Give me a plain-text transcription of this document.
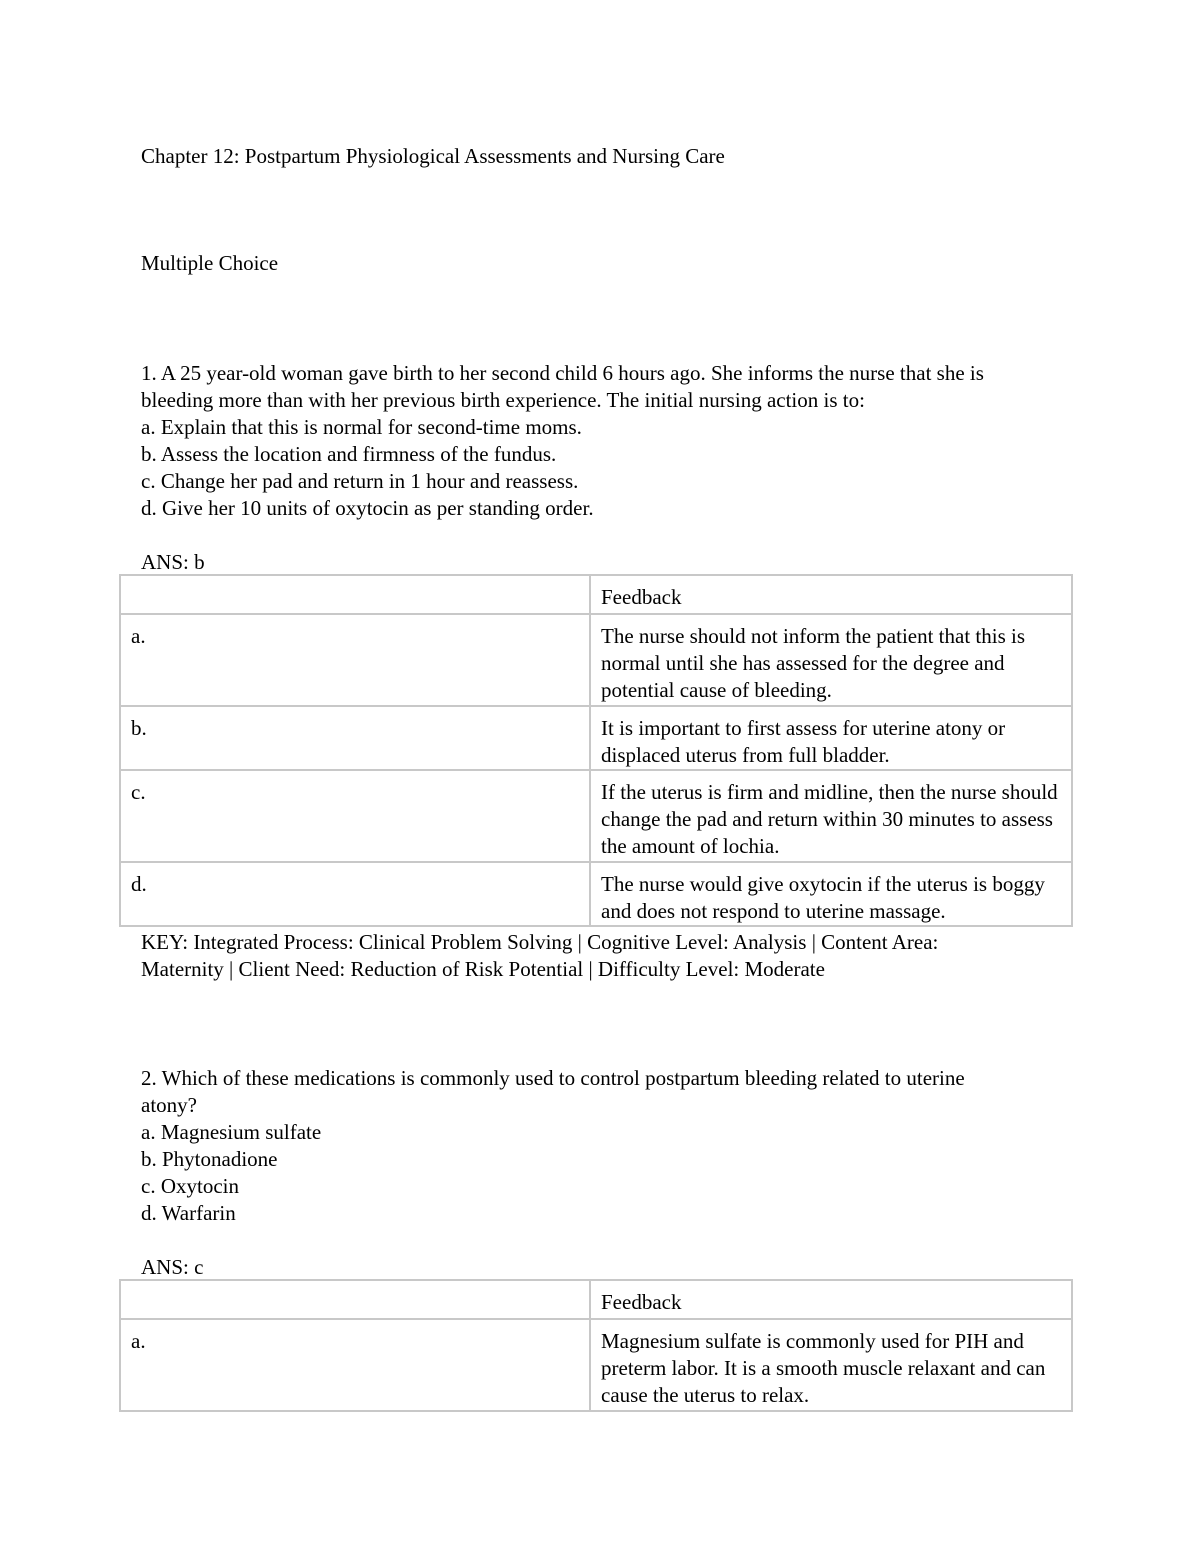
Chapter 12: Postpartum Physiological Assessments and Nursing Care
Multiple Choice

1. A 25 year-old woman gave birth to her second child 6 hours ago. She informs the nurse that she is

bleeding more than with her previous birth experience. The initial nursing action is to:

a. Explain that this is normal for second-time moms.

b. Assess the location and firmness of the fundus.

c. Change her pad and return in 1 hour and reassess.

d. Give her 10 units of oxytocin as per standing order.

ANS: b
	Feedback
a.	The nurse should not inform the patient that this is
normal until she has assessed for the degree and
potential cause of bleeding.

b.	It is important to first assess for uterine atony or
displaced uterus from full bladder.

c.	If the uterus is firm and midline, then the nurse should
change the pad and return within 30 minutes to assess
the amount of lochia.

d.	The nurse would give oxytocin if the uterus is boggy
and does not respond to uterine massage.
KEY: Integrated Process: Clinical Problem Solving | Cognitive Level: Analysis | Content Area:
Maternity | Client Need: Reduction of Risk Potential | Difficulty Level: Moderate

2. Which of these medications is commonly used to control postpartum bleeding related to uterine

atony?

a. Magnesium sulfate

b. Phytonadione

c. Oxytocin

d. Warfarin

ANS: c
	Feedback
a.	Magnesium sulfate is commonly used for PIH and
preterm labor. It is a smooth muscle relaxant and can
cause the uterus to relax.
